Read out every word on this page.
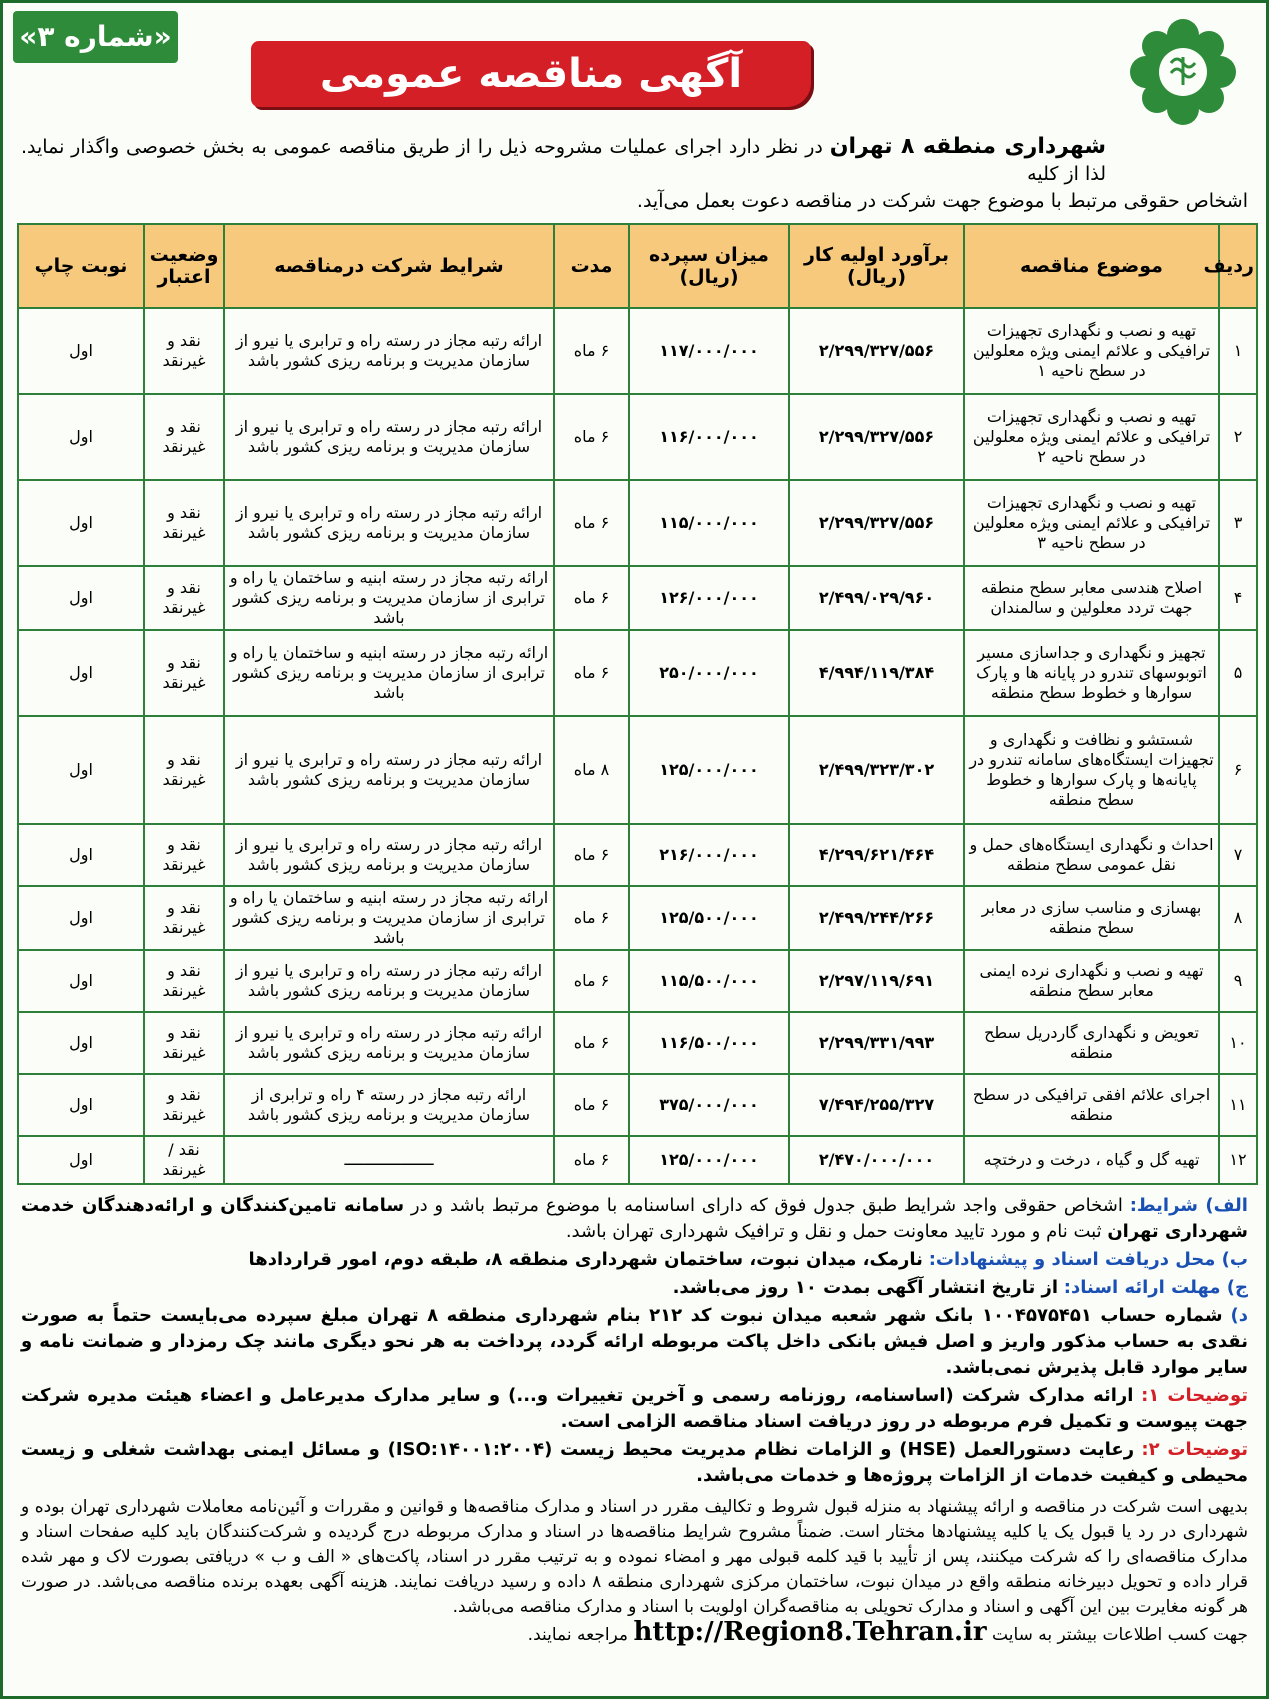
آگهی مناقصه عمومی
«شماره ۳»
شهرداری منطقه ۸ تهران در نظر دارد اجرای عملیات مشروحه ذیل را از طریق مناقصه عمومی به بخش خصوصی واگذار نماید. لذا از کلیه
اشخاص حقوقی مرتبط با موضوع جهت شرکت در مناقصه دعوت بعمل می‌آید.
ردیف	موضوع مناقصه	برآورد اولیه کار (ریال)	میزان سپرده (ریال)	مدت	شرایط شرکت درمناقصه	وضعیت اعتبار	نوبت چاپ
۱	تهیه و نصب و نگهداری تجهیزات ترافیکی و علائم ایمنی ویژه معلولین در سطح ناحیه ۱	۲/۲۹۹/۳۲۷/۵۵۶	۱۱۷/۰۰۰/۰۰۰	۶ ماه	ارائه رتبه مجاز در رسته راه و ترابری یا نیرو از سازمان مدیریت و برنامه ریزی کشور باشد	نقد و غیرنقد	اول
۲	تهیه و نصب و نگهداری تجهیزات ترافیکی و علائم ایمنی ویژه معلولین در سطح ناحیه ۲	۲/۲۹۹/۳۲۷/۵۵۶	۱۱۶/۰۰۰/۰۰۰	۶ ماه	ارائه رتبه مجاز در رسته راه و ترابری یا نیرو از سازمان مدیریت و برنامه ریزی کشور باشد	نقد و غیرنقد	اول
۳	تهیه و نصب و نگهداری تجهیزات ترافیکی و علائم ایمنی ویژه معلولین در سطح ناحیه ۳	۲/۲۹۹/۳۲۷/۵۵۶	۱۱۵/۰۰۰/۰۰۰	۶ ماه	ارائه رتبه مجاز در رسته راه و ترابری یا نیرو از سازمان مدیریت و برنامه ریزی کشور باشد	نقد و غیرنقد	اول
۴	اصلاح هندسی معابر سطح منطقه جهت تردد معلولین و سالمندان	۲/۴۹۹/۰۲۹/۹۶۰	۱۲۶/۰۰۰/۰۰۰	۶ ماه	ارائه رتبه مجاز در رسته ابنیه و ساختمان یا راه و ترابری از سازمان مدیریت و برنامه ریزی کشور باشد	نقد و غیرنقد	اول
۵	تجهیز و نگهداری و جداسازی مسیر اتوبوسهای تندرو در پایانه ها و پارک سوارها و خطوط سطح منطقه	۴/۹۹۴/۱۱۹/۳۸۴	۲۵۰/۰۰۰/۰۰۰	۶ ماه	ارائه رتبه مجاز در رسته ابنیه و ساختمان یا راه و ترابری از سازمان مدیریت و برنامه ریزی کشور باشد	نقد و غیرنقد	اول
۶	شستشو و نظافت و نگهداری و تجهیزات ایستگاه‌های سامانه تندرو در پایانه‌ها و پارک سوارها و خطوط سطح منطقه	۲/۴۹۹/۳۲۳/۳۰۲	۱۲۵/۰۰۰/۰۰۰	۸ ماه	ارائه رتبه مجاز در رسته راه و ترابری یا نیرو از سازمان مدیریت و برنامه ریزی کشور باشد	نقد و غیرنقد	اول
۷	احداث و نگهداری ایستگاه‌های حمل و نقل عمومی سطح منطقه	۴/۲۹۹/۶۲۱/۴۶۴	۲۱۶/۰۰۰/۰۰۰	۶ ماه	ارائه رتبه مجاز در رسته راه و ترابری یا نیرو از سازمان مدیریت و برنامه ریزی کشور باشد	نقد و غیرنقد	اول
۸	بهسازی و مناسب سازی در معابر سطح منطقه	۲/۴۹۹/۲۴۴/۲۶۶	۱۲۵/۵۰۰/۰۰۰	۶ ماه	ارائه رتبه مجاز در رسته ابنیه و ساختمان یا راه و ترابری از سازمان مدیریت و برنامه ریزی کشور باشد	نقد و غیرنقد	اول
۹	تهیه و نصب و نگهداری نرده ایمنی معابر سطح منطقه	۲/۲۹۷/۱۱۹/۶۹۱	۱۱۵/۵۰۰/۰۰۰	۶ ماه	ارائه رتبه مجاز در رسته راه و ترابری یا نیرو از سازمان مدیریت و برنامه ریزی کشور باشد	نقد و غیرنقد	اول
۱۰	تعویض و نگهداری گاردریل سطح منطقه	۲/۲۹۹/۳۳۱/۹۹۳	۱۱۶/۵۰۰/۰۰۰	۶ ماه	ارائه رتبه مجاز در رسته راه و ترابری یا نیرو از سازمان مدیریت و برنامه ریزی کشور باشد	نقد و غیرنقد	اول
۱۱	اجرای علائم افقی ترافیکی در سطح منطقه	۷/۴۹۴/۲۵۵/۳۲۷	۳۷۵/۰۰۰/۰۰۰	۶ ماه	ارائه رتبه مجاز در رسته ۴ راه و ترابری از سازمان مدیریت و برنامه ریزی کشور باشد	نقد و غیرنقد	اول
۱۲	تهیه گل و گیاه ، درخت و درختچه	۲/۴۷۰/۰۰۰/۰۰۰	۱۲۵/۰۰۰/۰۰۰	۶ ماه	ـــــــــــــــــــ	نقد / غیرنقد	اول

الف) شرایط: اشخاص حقوقی واجد شرایط طبق جدول فوق که دارای اساسنامه با موضوع مرتبط باشد و در سامانه تامین‌کنندگان و ارائه‌دهندگان خدمت شهرداری تهران ثبت نام و مورد تایید معاونت حمل و نقل و ترافیک شهرداری تهران باشد.

ب) محل دریافت اسناد و پیشنهادات: نارمک، میدان نبوت، ساختمان شهرداری منطقه ۸، طبقه دوم، امور قراردادها

ج) مهلت ارائه اسناد: از تاریخ انتشار آگهی بمدت ۱۰ روز می‌باشد.

د) شماره حساب ۱۰۰۴۵۷۵۴۵۱ بانک شهر شعبه میدان نبوت کد ۲۱۲ بنام شهرداری منطقه ۸ تهران مبلغ سپرده می‌بایست حتماً به صورت نقدی به حساب مذکور واریز و اصل فیش بانکی داخل پاکت مربوطه ارائه گردد، پرداخت به هر نحو دیگری مانند چک رمزدار و ضمانت نامه و سایر موارد قابل پذیرش نمی‌باشد.

توضیحات ۱: ارائه مدارک شرکت (اساسنامه، روزنامه رسمی و آخرین تغییرات و...) و سایر مدارک مدیرعامل و اعضاء هیئت مدیره شرکت جهت پیوست و تکمیل فرم مربوطه در روز دریافت اسناد مناقصه الزامی است.

توضیحات ۲: رعایت دستورالعمل (HSE) و الزامات نظام مدیریت محیط زیست (ISO:۱۴۰۰۱:۲۰۰۴) و مسائل ایمنی بهداشت شغلی و زیست محیطی و کیفیت خدمات از الزامات پروژه‌ها و خدمات می‌باشد.

بدیهی است شرکت در مناقصه و ارائه پیشنهاد به منزله قبول شروط و تکالیف مقرر در اسناد و مدارک مناقصه‌ها و قوانین و مقررات و آئین‌نامه معاملات شهرداری تهران بوده و شهرداری در رد یا قبول یک یا کلیه پیشنهادها مختار است. ضمناً مشروح شرایط مناقصه‌ها در اسناد و مدارک مربوطه درج گردیده و شرکت‌کنندگان باید کلیه صفحات اسناد و مدارک مناقصه‌ای را که شرکت میکنند، پس از تأیید با قید کلمه قبولی مهر و امضاء نموده و به ترتیب مقرر در اسناد، پاکت‌های « الف و ب » دریافتی بصورت لاک و مهر شده قرار داده و تحویل دبیرخانه منطقه واقع در میدان نبوت، ساختمان مرکزی شهرداری منطقه ۸ داده و رسید دریافت نمایند. هزینه آگهی بعهده برنده مناقصه می‌باشد. در صورت هر گونه مغایرت بین این آگهی و اسناد و مدارک تحویلی به مناقصه‌گران اولویت با اسناد و مدارک مناقصه می‌باشد.
جهت کسب اطلاعات بیشتر به سایت http://Region8.Tehran.ir مراجعه نمایند.
